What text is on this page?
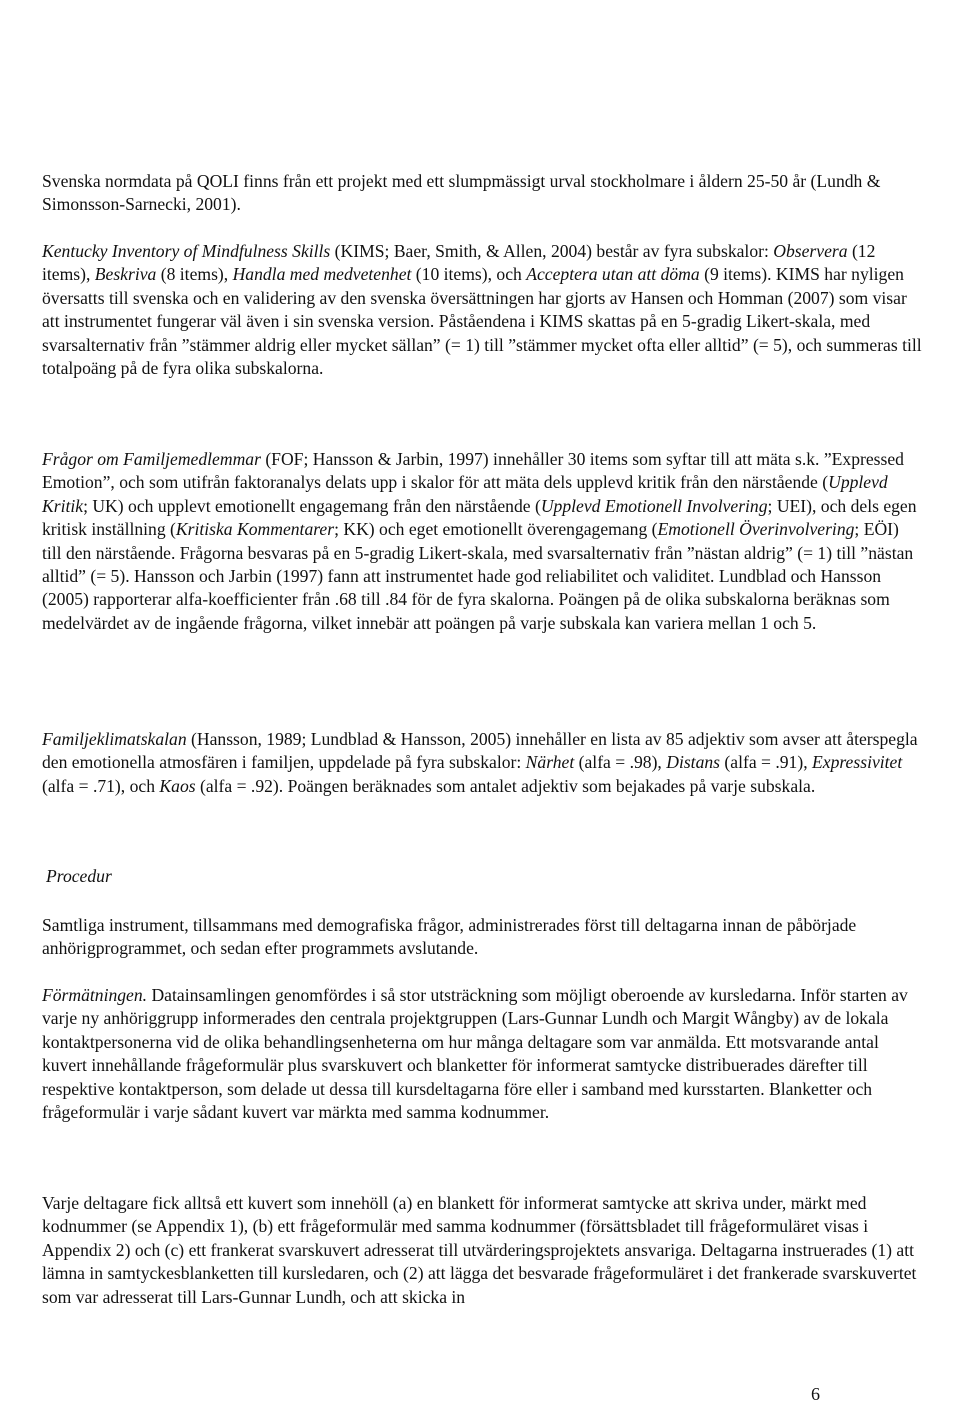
Svenska normdata på QOLI finns från ett projekt med ett slumpmässigt urval stockholmare i åldern 25-50 år (Lundh & Simonsson-Sarnecki, 2001).

Kentucky Inventory of Mindfulness Skills (KIMS; Baer, Smith, & Allen, 2004) består av fyra subskalor: Observera (12 items), Beskriva (8 items), Handla med medvetenhet (10 items), och Acceptera utan att döma (9 items). KIMS har nyligen översatts till svenska och en validering av den svenska översättningen har gjorts av Hansen och Homman (2007) som visar att instrumentet fungerar väl även i sin svenska version. Påståendena i KIMS skattas på en 5-gradig Likert-skala, med svarsalternativ från ”stämmer aldrig eller mycket sällan” (= 1) till ”stämmer mycket ofta eller alltid” (= 5), och summeras till totalpoäng på de fyra olika subskalorna.

Frågor om Familjemedlemmar (FOF; Hansson & Jarbin, 1997) innehåller 30 items som syftar till att mäta s.k. ”Expressed Emotion”, och som utifrån faktoranalys delats upp i skalor för att mäta dels upplevd kritik från den närstående (Upplevd Kritik; UK) och upplevt emotionellt engagemang från den närstående (Upplevd Emotionell Involvering; UEI), och dels egen kritisk inställning (Kritiska Kommentarer; KK) och eget emotionellt överengagemang (Emotionell Överinvolvering; EÖI) till den närstående. Frågorna besvaras på en 5-gradig Likert-skala, med svarsalternativ från ”nästan aldrig” (= 1) till ”nästan alltid” (= 5). Hansson och Jarbin (1997) fann att instrumentet hade god reliabilitet och validitet. Lundblad och Hansson (2005) rapporterar alfa-koefficienter från .68 till .84 för de fyra skalorna. Poängen på de olika subskalorna beräknas som medelvärdet av de ingående frågorna, vilket innebär att poängen på varje subskala kan variera mellan 1 och 5.

Familjeklimatskalan (Hansson, 1989; Lundblad & Hansson, 2005) innehåller en lista av 85 adjektiv som avser att återspegla den emotionella atmosfären i familjen, uppdelade på fyra subskalor: Närhet (alfa = .98), Distans (alfa = .91), Expressivitet (alfa = .71), och Kaos (alfa = .92). Poängen beräknades som antalet adjektiv som bejakades på varje subskala.

Procedur

Samtliga instrument, tillsammans med demografiska frågor, administrerades först till deltagarna innan de påbörjade anhörigprogrammet, och sedan efter programmets avslutande.

Förmätningen. Datainsamlingen genomfördes i så stor utsträckning som möjligt oberoende av kursledarna. Inför starten av varje ny anhöriggrupp informerades den centrala projektgruppen (Lars-Gunnar Lundh och Margit Wångby) av de lokala kontaktpersonerna vid de olika behandlingsenheterna om hur många deltagare som var anmälda. Ett motsvarande antal kuvert innehållande frågeformulär plus svarskuvert och blanketter för informerat samtycke distribuerades därefter till respektive kontaktperson, som delade ut dessa till kursdeltagarna före eller i samband med kursstarten. Blanketter och frågeformulär i varje sådant kuvert var märkta med samma kodnummer.

Varje deltagare fick alltså ett kuvert som innehöll (a) en blankett för informerat samtycke att skriva under, märkt med kodnummer (se Appendix 1), (b) ett frågeformulär med samma kodnummer (försättsbladet till frågeformuläret visas i Appendix 2) och (c) ett frankerat svarskuvert adresserat till utvärderingsprojektets ansvariga. Deltagarna instruerades (1) att lämna in samtyckesblanketten till kursledaren, och (2) att lägga det besvarade frågeformuläret i det frankerade svarskuvertet som var adresserat till Lars-Gunnar Lundh, och att skicka in

6
